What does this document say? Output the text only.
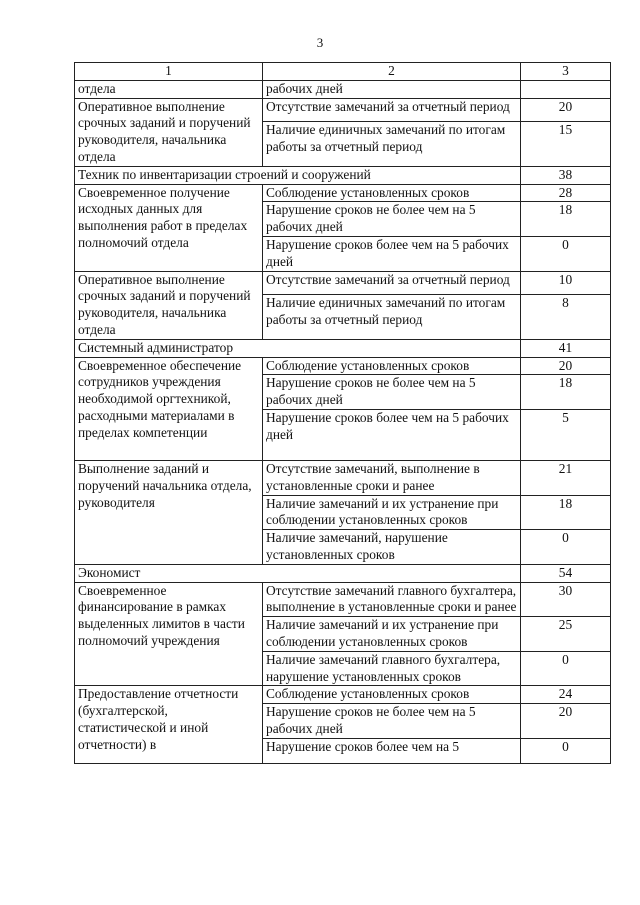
3
1	2	3
отдела	рабочих дней	
Оперативное выполнение срочных заданий и поручений руководителя, начальника отдела	Отсутствие замечаний за отчетный период	20
	Наличие единичных замечаний по итогам работы за отчетный период	15
Техник по инвентаризации строений и сооружений		38
Своевременное получение исходных данных для выполнения работ в пределах полномочий отдела	Соблюдение установленных сроков	28
	Нарушение сроков не более чем на 5 рабочих дней	18
	Нарушение сроков более чем на 5 рабочих дней	0
Оперативное выполнение срочных заданий и поручений руководителя, начальника отдела	Отсутствие замечаний за отчетный период	10
	Наличие единичных замечаний по итогам работы за отчетный период	8
Системный администратор		41
Своевременное обеспечение сотрудников учреждения необходимой оргтехникой, расходными материалами в пределах компетенции	Соблюдение установленных сроков	20
	Нарушение сроков не более чем на 5 рабочих дней	18
	Нарушение сроков более чем на 5 рабочих дней	5
Выполнение заданий и поручений начальника отдела, руководителя	Отсутствие замечаний, выполнение в установленные сроки и ранее	21
	Наличие замечаний и их устранение при соблюдении установленных сроков	18
	Наличие замечаний, нарушение установленных сроков	0
Экономист		54
Своевременное финансирование в рамках выделенных лимитов в части полномочий учреждения	Отсутствие замечаний главного бухгалтера, выполнение в установленные сроки и ранее	30
	Наличие замечаний и их устранение при соблюдении установленных сроков	25
	Наличие замечаний главного бухгалтера, нарушение установленных сроков	0
Предоставление отчетности (бухгалтерской, статистической и иной отчетности) в	Соблюдение установленных сроков	24
	Нарушение сроков не более чем на 5 рабочих дней	20
	Нарушение сроков более чем на 5	0
